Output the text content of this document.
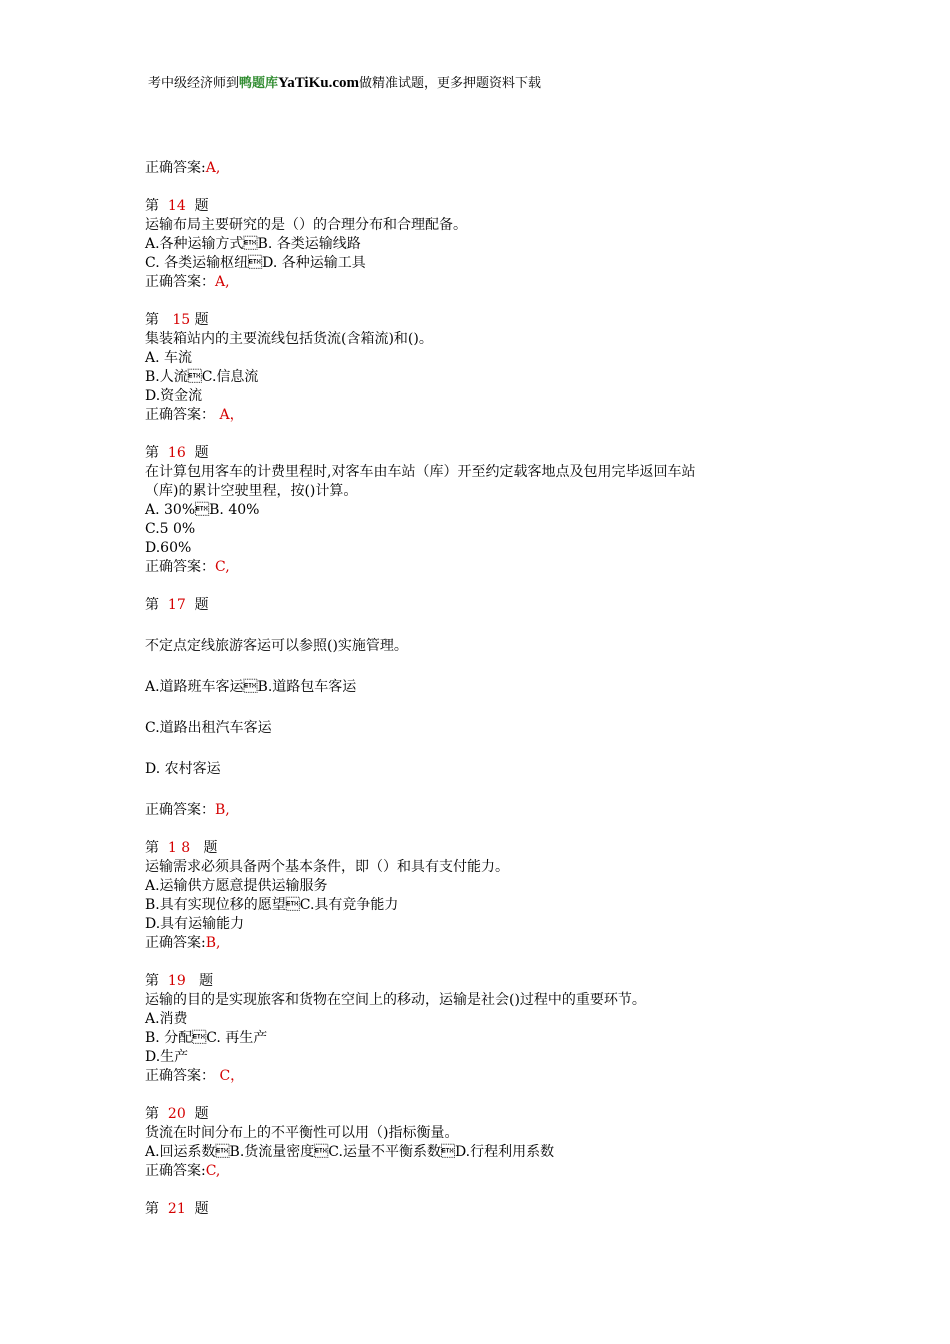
考中级经济师到鸭题库YaTiKu.com做精准试题，更多押题资料下载
正确答案:A,
第 14 题
运输布局主要研究的是（）的合理分布和合理配备。
A.各种运输方式B. 各类运输线路
C. 各类运输枢纽D. 各种运输工具
正确答案：A,
第 15 题
集装箱站内的主要流线包括货流(含箱流)和()。
A. 车流
B.人流C.信息流
D.资金流
正确答案： A，
第 16 题
在计算包用客车的计费里程时,对客车由车站（库）开至约定载客地点及包用完毕返回车站
（库)的累计空驶里程，按()计算。
A. 30%B. 40%
C.5 0%
D.60%
正确答案：C,
第 17 题
不定点定线旅游客运可以参照()实施管理。
A.道路班车客运B.道路包车客运
C.道路出租汽车客运
D. 农村客运
正确答案：B,
第 1 8 题
运输需求必须具备两个基本条件，即（）和具有支付能力。
A.运输供方愿意提供运输服务
B.具有实现位移的愿望C.具有竞争能力
D.具有运输能力
正确答案:B,
第 19 题
运输的目的是实现旅客和货物在空间上的移动，运输是社会()过程中的重要环节。
A.消费
B. 分配C. 再生产
D.生产
正确答案： C，
第 20 题
货流在时间分布上的不平衡性可以用（)指标衡量。
A.回运系数B.货流量密度C.运量不平衡系数D.行程利用系数
正确答案:C,
第 21 题
